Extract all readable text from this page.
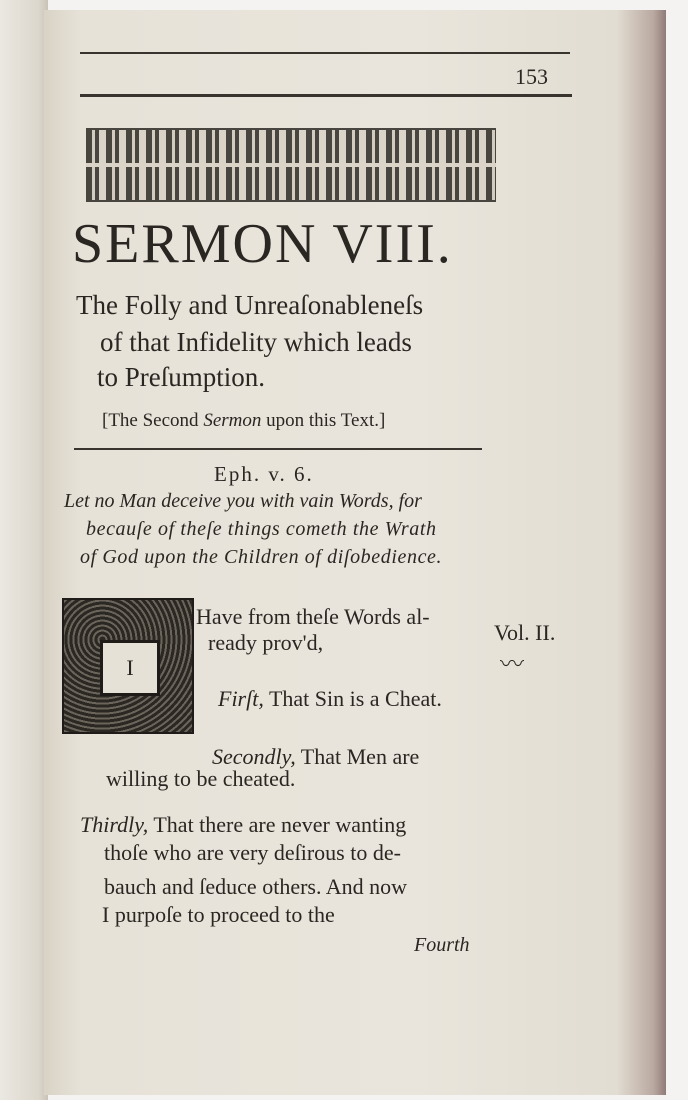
153
SERMON VIII.
The Folly and Unreaſonableneſs
of that Infidelity which leads
to Preſumption.
[The Second Sermon upon this Text.]
Eph. v. 6.
Let no Man deceive you with vain Words, for
becauſe of theſe things cometh the Wrath
of God upon the Children of diſobedience.
I
Have from theſe Words al-
ready prov'd,	Vol. II.
〰
Firſt, That Sin is a Cheat.
Secondly, That Men are
willing to be cheated.
Thirdly, That there are never wanting
thoſe who are very deſirous to de-
bauch and ſeduce others. And now
I purpoſe to proceed to the
Fourth
